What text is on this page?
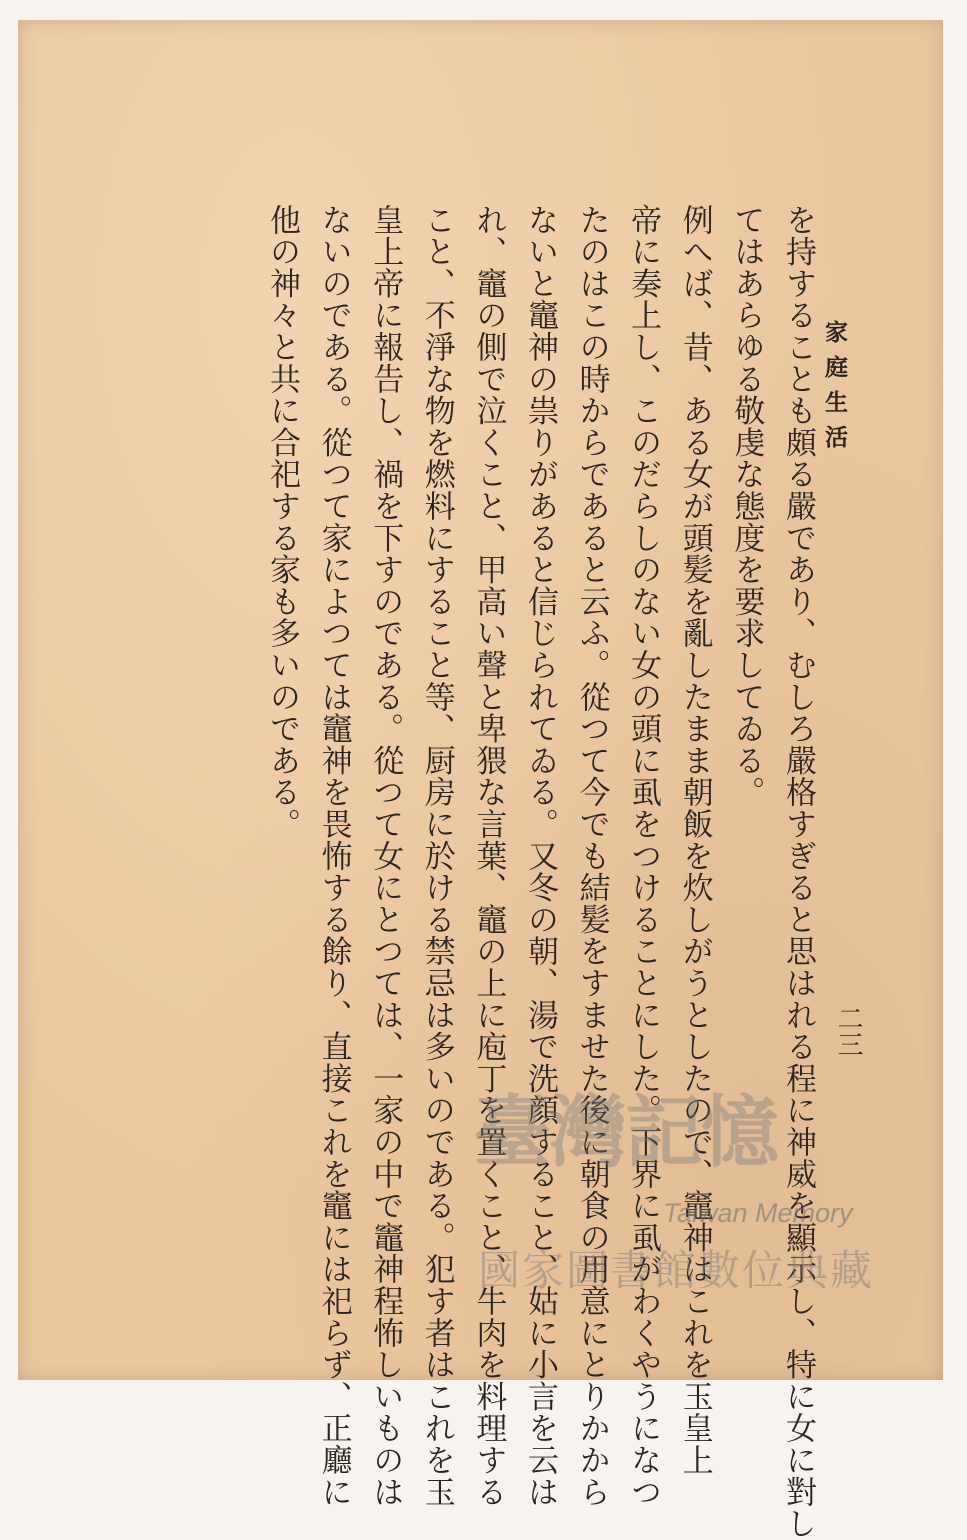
家庭生活
二三
を持することも頗る嚴であり、むしろ嚴格すぎると思はれる程に神威を顯示し、特に女に對し
てはあらゆる敬虔な態度を要求してゐる。
例へば、昔、ある女が頭髪を亂したまま朝飯を炊しがうとしたので、竈神はこれを玉皇上
帝に奏上し、このだらしのない女の頭に虱をつけることにした。下界に虱がわくやうになつ
たのはこの時からであると云ふ。從つて今でも結髪をすませた後に朝食の用意にとりかから
ないと竈神の祟りがあると信じられてゐる。又冬の朝、湯で洗顔すること、姑に小言を云は
れ、竈の側で泣くこと、甲高い聲と卑猥な言葉、竈の上に庖丁を置くこと、牛肉を料理する
こと、不淨な物を燃料にすること等、厨房に於ける禁忌は多いのである。犯す者はこれを玉
皇上帝に報告し、禍を下すのである。從つて女にとつては、一家の中で竈神程怖しいものは
ないのである。從つて家によつては竈神を畏怖する餘り、直接これを竈には祀らず、正廳に
他の神々と共に合祀する家も多いのである。
臺灣記憶
Taiwan Memory
國家圖書館數位典藏
